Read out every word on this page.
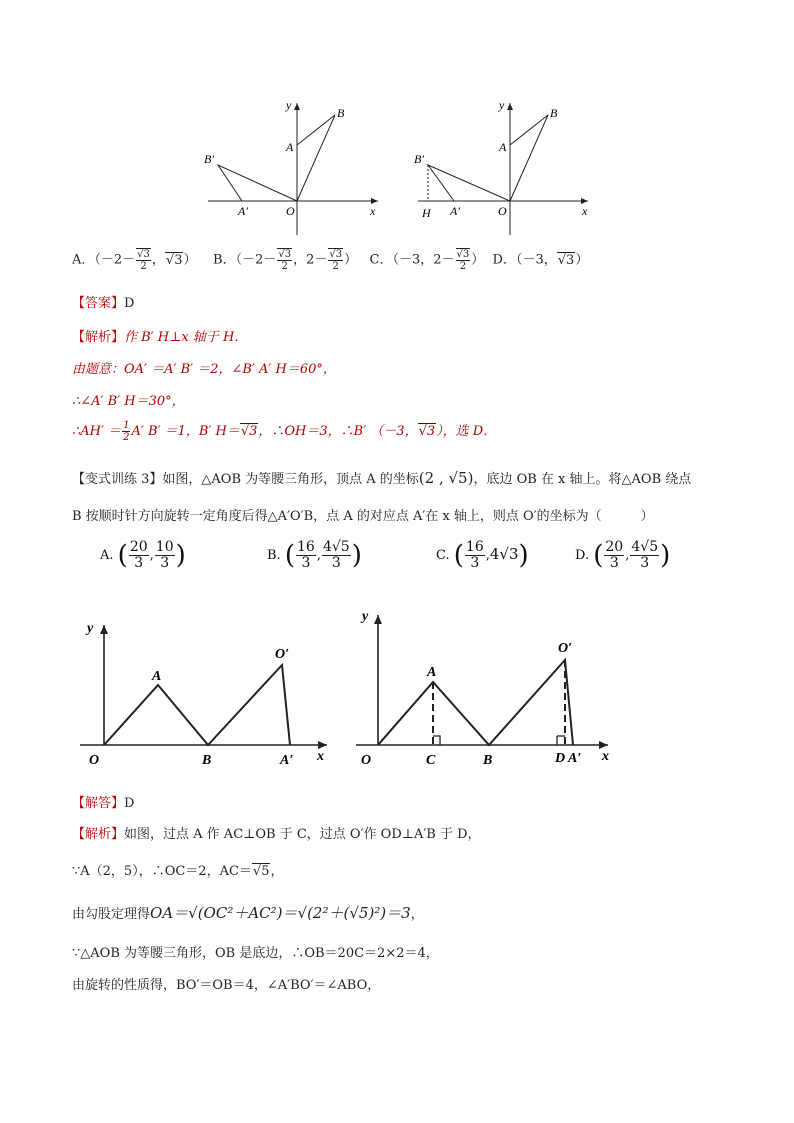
y
B
A
B′
A′	O	x
y
B
A
B′
H A′	O	x
A．（$-2- \frac{√3}{2}$ ，√3） B．（$-2- \frac{√3}{2}$ ，$2- \frac{√3}{2}$ ） C．（－3，$2- \frac{√3}{2}$ ） D．（－3，√3）
【答案】D
【解析】作 B′ H⊥x 轴于 H．
由题意：OA′ ＝A′ B′ ＝2，∠B′ A′ H＝60°，
∴∠A′ B′ H＝30°，
∴AH′ ＝ $\frac{1}{2} A'$ B′ ＝1，B′ H＝√3，∴OH＝3，∴B′ （－3，√3），选 D．
【变式训练 3】如图，△AOB 为等腰三角形，顶点 A 的坐标(2 , √5)，底边 OB 在 x 轴上。将△AOB 绕点
B 按顺时针方向旋转一定角度后得△A′O′B，点 A 的对应点 A′在 x 轴上，则点 O′的坐标为（　　　）
A. ( $\frac{20}{3}$ , $\frac{10}{3}$ )	B. ( $\frac{16}{3}$ , $\frac{4√5}{3}$ )	C. ( $\frac{16}{3} ,4√3$)	D. ( $\frac{20}{3}$ , $\frac{4√5}{3}$ )
y
A
O′
O	B	A′ x
y
A
O′
O	C	B	D A′ x
【解答】D
【解析】如图，过点 A 作 AC⊥OB 于 C，过点 O′作 OD⊥A′B 于 D，
∵A（2，5），∴OC＝2，AC＝√5，
由勾股定理得OA＝√(OC²＋AC²)＝√(2²＋(√5)²)＝3，
∵△AOB 为等腰三角形，OB 是底边，∴OB＝20C＝2×2＝4，
由旋转的性质得，BO′＝OB＝4，∠A′BO′＝∠ABO，
